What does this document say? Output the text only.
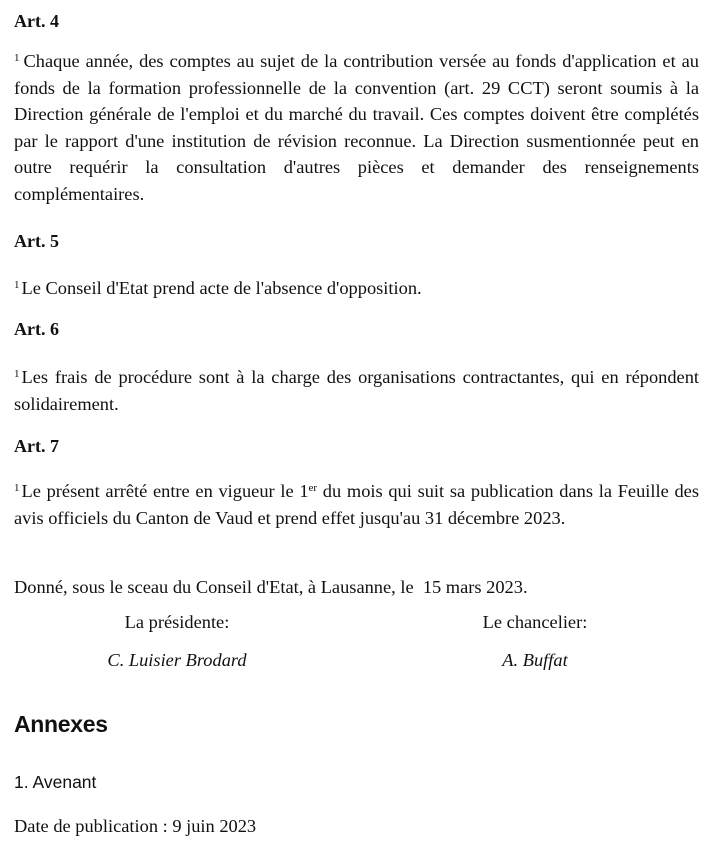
Art. 4

$^1$ Chaque année, des comptes au sujet de la contribution versée au fonds d'application et au fonds de la formation professionnelle de la convention (art. 29 CCT) seront soumis à la Direction générale de l'emploi et du marché du travail. Ces comptes doivent être complétés par le rapport d'une institution de révision reconnue. La Direction susmentionnée peut en outre requérir la consultation d'autres pièces et demander des renseignements complémentaires.

Art. 5

$^1$ Le Conseil d'Etat prend acte de l'absence d'opposition.

Art. 6

$^1$ Les frais de procédure sont à la charge des organisations contractantes, qui en répondent solidairement.

Art. 7

$^1$ Le présent arrêté entre en vigueur le 1er du mois qui suit sa publication dans la Feuille des avis officiels du Canton de Vaud et prend effet jusqu'au 31 décembre 2023.

Donné, sous le sceau du Conseil d'Etat, à Lausanne, le  15 mars 2023.

La présidente:
C. Luisier Brodard
Le chancelier:
A. Buffat
Annexes
1. Avenant
Date de publication : 9 juin 2023
